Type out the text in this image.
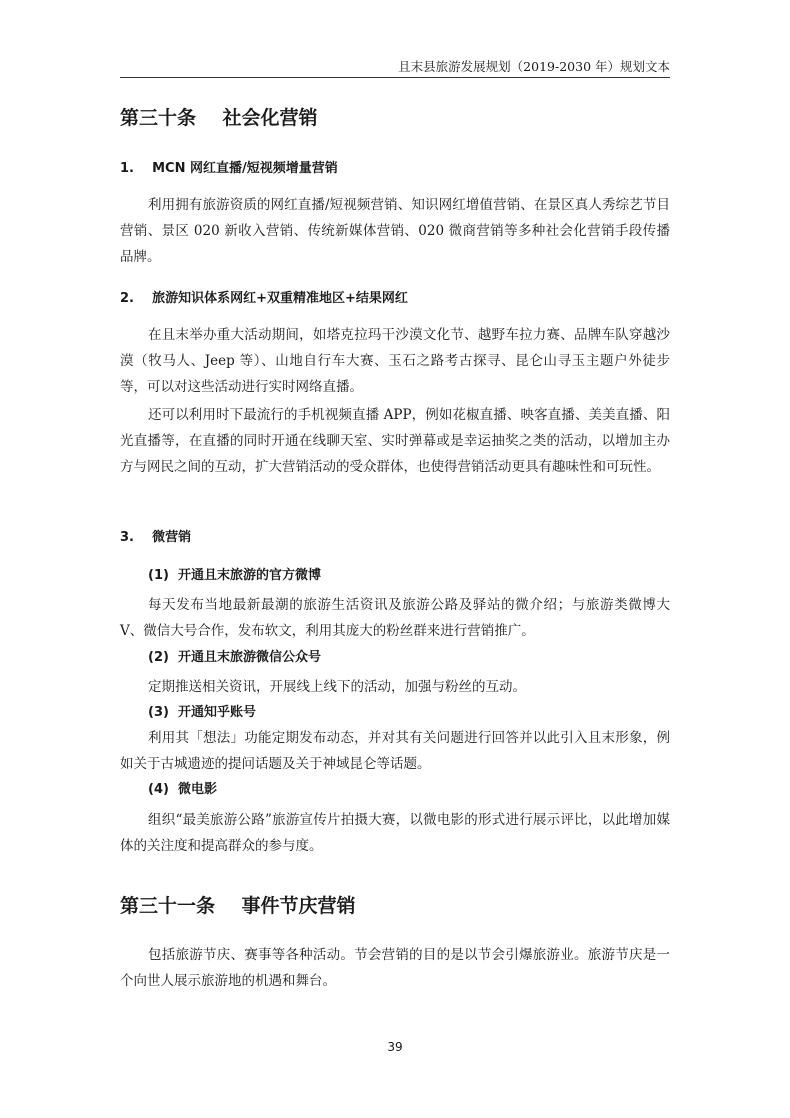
且末县旅游发展规划（2019-2030 年）规划文本
第三十条    社会化营销
1.    MCN 网红直播/短视频增量营销

利用拥有旅游资质的网红直播/短视频营销、知识网红增值营销、在景区真人秀综艺节目营销、景区 020 新收入营销、传统新媒体营销、020 微商营销等多种社会化营销手段传播品牌。

2.    旅游知识体系网红+双重精准地区+结果网红

在且末举办重大活动期间，如塔克拉玛干沙漠文化节、越野车拉力赛、品牌车队穿越沙漠（牧马人、Jeep 等）、山地自行车大赛、玉石之路考古探寻、昆仑山寻玉主题户外徒步等，可以对这些活动进行实时网络直播。

还可以利用时下最流行的手机视频直播 APP，例如花椒直播、映客直播、美美直播、阳光直播等，在直播的同时开通在线聊天室、实时弹幕或是幸运抽奖之类的活动，以增加主办方与网民之间的互动，扩大营销活动的受众群体，也使得营销活动更具有趣味性和可玩性。

3.    微营销
(1)  开通且末旅游的官方微博

每天发布当地最新最潮的旅游生活资讯及旅游公路及驿站的微介绍；与旅游类微博大 V、微信大号合作，发布软文，利用其庞大的粉丝群来进行营销推广。

(2)  开通且末旅游微信公众号

定期推送相关资讯，开展线上线下的活动，加强与粉丝的互动。

(3)  开通知乎账号

利用其「想法」功能定期发布动态，并对其有关问题进行回答并以此引入且末形象，例如关于古城遗迹的提问话题及关于神域昆仑等话题。

(4)  微电影

组织“最美旅游公路”旅游宣传片拍摄大赛，以微电影的形式进行展示评比，以此增加媒体的关注度和提高群众的参与度。

第三十一条    事件节庆营销

包括旅游节庆、赛事等各种活动。节会营销的目的是以节会引爆旅游业。旅游节庆是一个向世人展示旅游地的机遇和舞台。

39
